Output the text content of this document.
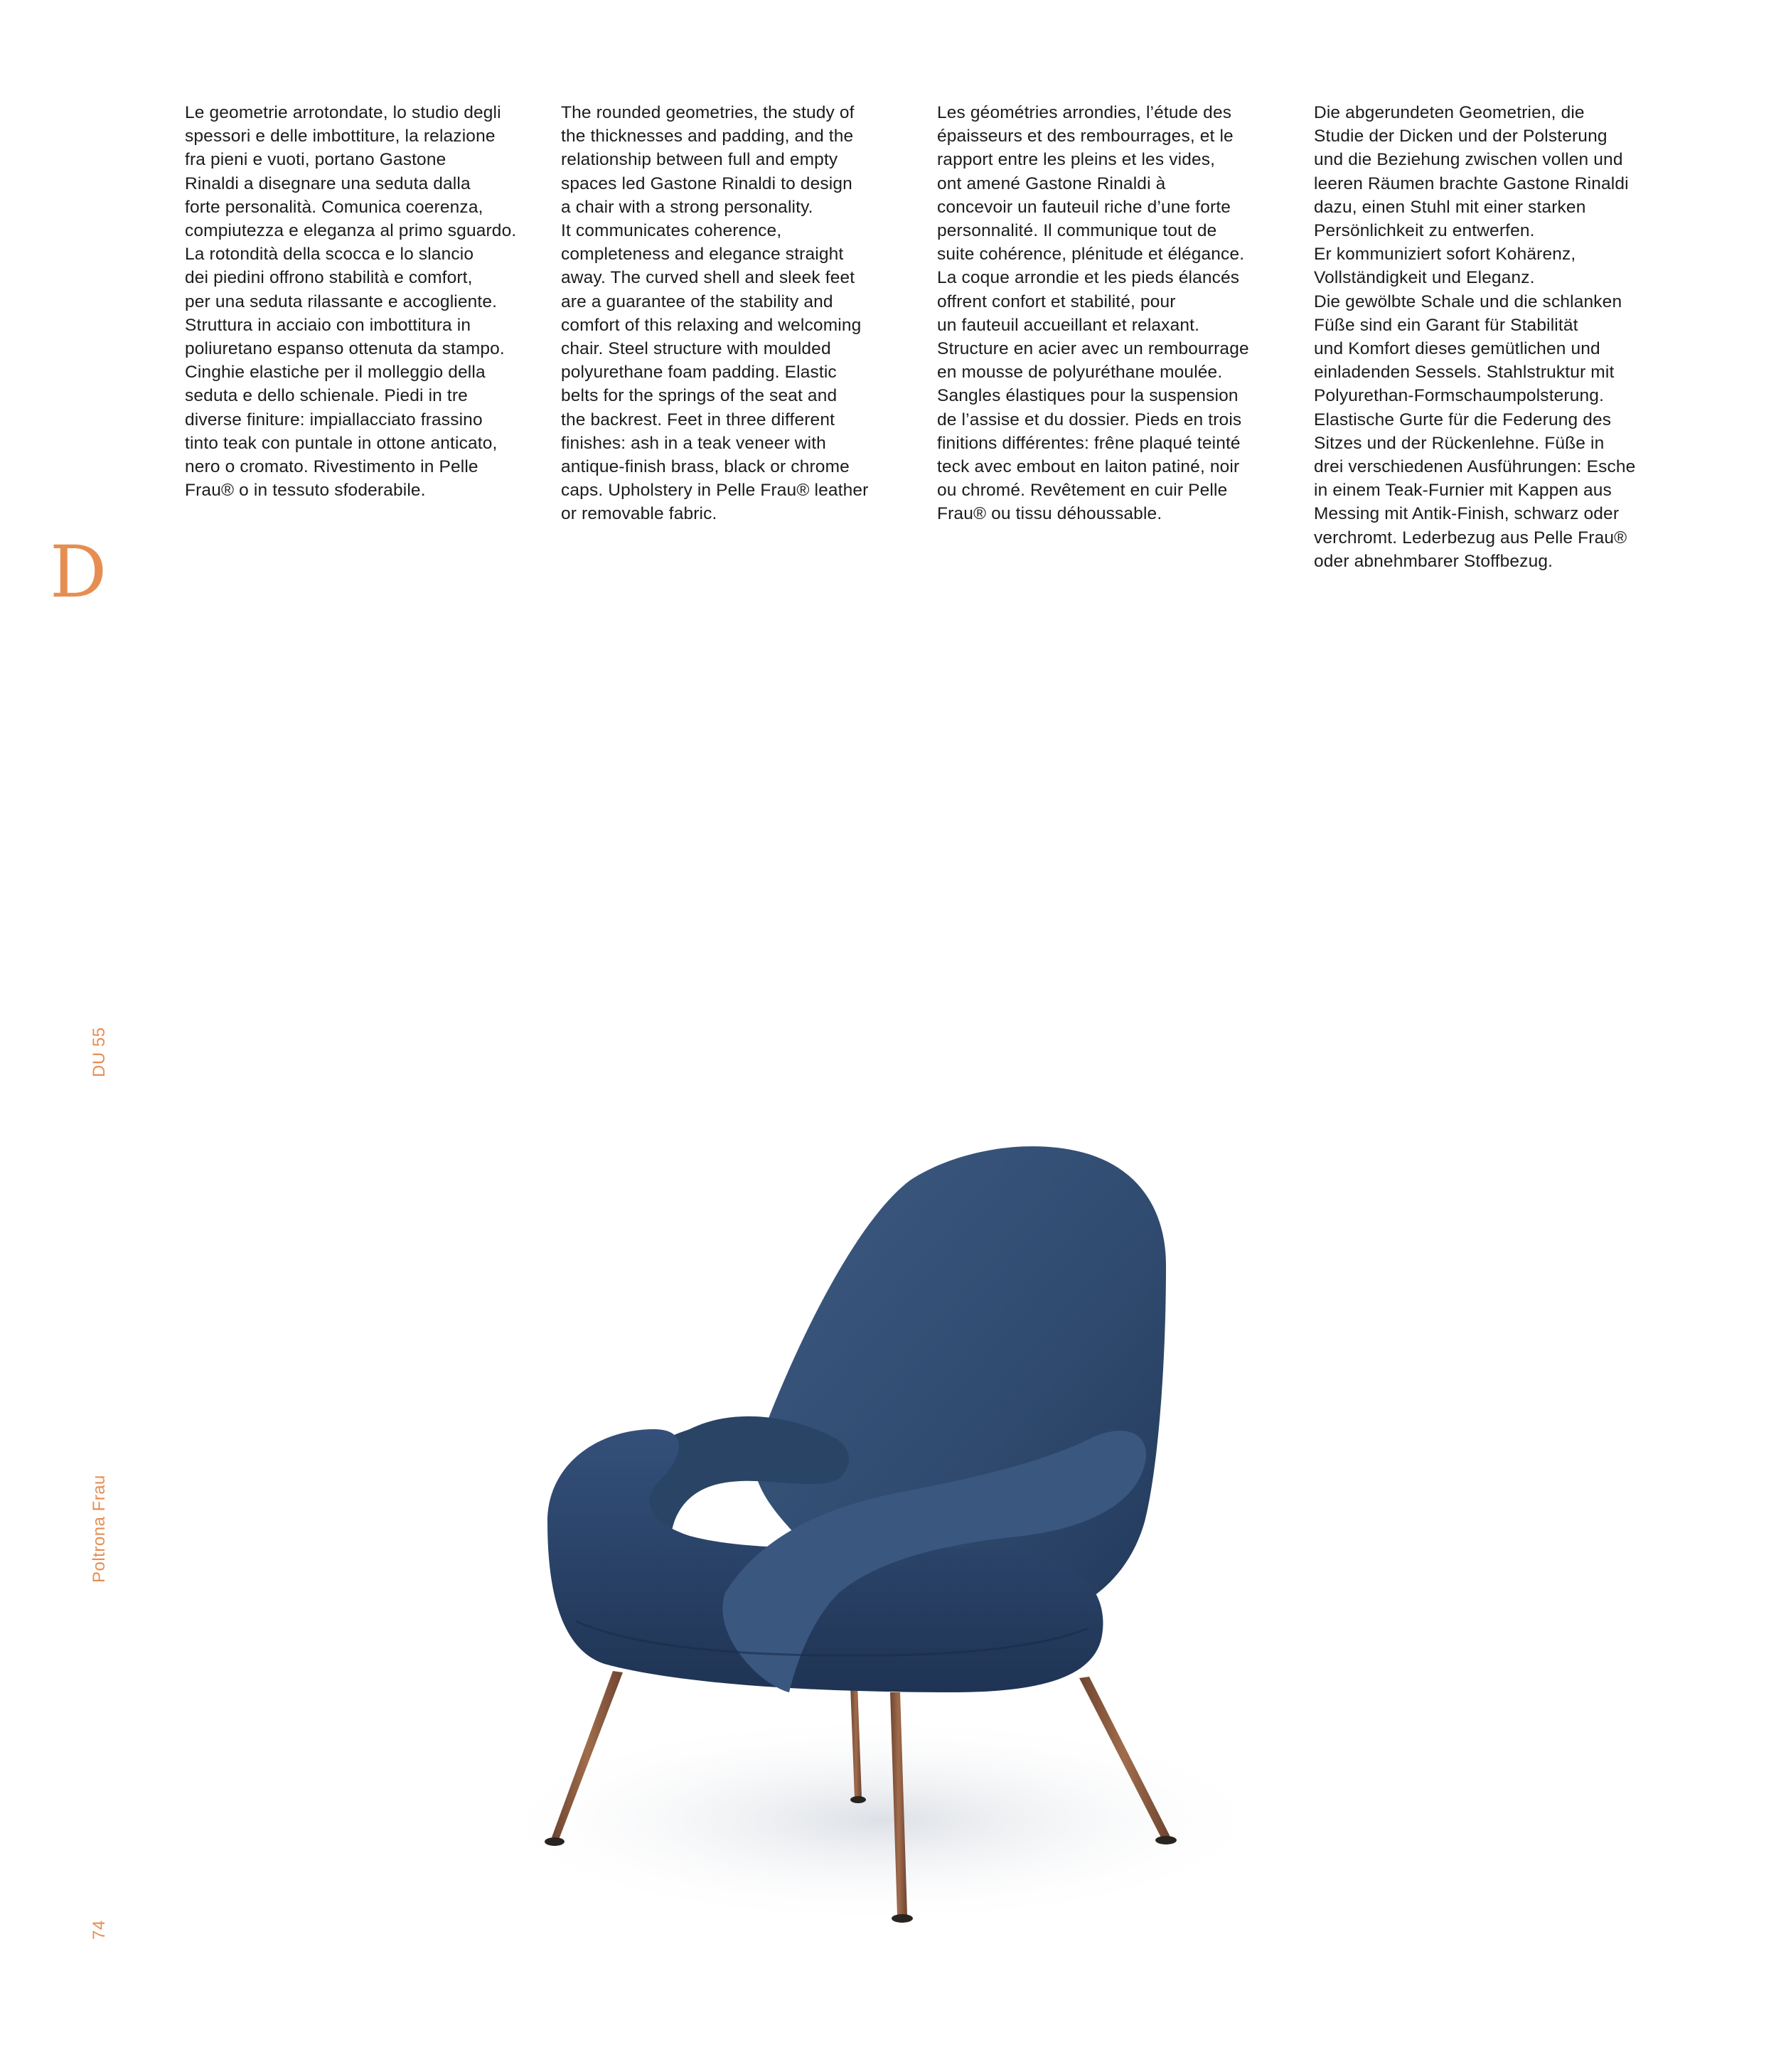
D
Le geometrie arrotondate, lo studio degli
spessori e delle imbottiture, la relazione
fra pieni e vuoti, portano Gastone
Rinaldi a disegnare una seduta dalla
forte personalità. Comunica coerenza,
compiutezza e eleganza al primo sguardo.
La rotondità della scocca e lo slancio
dei piedini offrono stabilità e comfort,
per una seduta rilassante e accogliente.
Struttura in acciaio con imbottitura in
poliuretano espanso ottenuta da stampo.
Cinghie elastiche per il molleggio della
seduta e dello schienale. Piedi in tre
diverse finiture: impiallacciato frassino
tinto teak con puntale in ottone anticato,
nero o cromato. Rivestimento in Pelle
Frau® o in tessuto sfoderabile.
The rounded geometries, the study of
the thicknesses and padding, and the
relationship between full and empty
spaces led Gastone Rinaldi to design
a chair with a strong personality.
It communicates coherence,
completeness and elegance straight
away. The curved shell and sleek feet
are a guarantee of the stability and
comfort of this relaxing and welcoming
chair. Steel structure with moulded
polyurethane foam padding. Elastic
belts for the springs of the seat and
the backrest. Feet in three different
finishes: ash in a teak veneer with
antique-finish brass, black or chrome
caps. Upholstery in Pelle Frau® leather
or removable fabric.
Les géométries arrondies, l’étude des
épaisseurs et des rembourrages, et le
rapport entre les pleins et les vides,
ont amené Gastone Rinaldi à
concevoir un fauteuil riche d’une forte
personnalité. Il communique tout de
suite cohérence, plénitude et élégance.
La coque arrondie et les pieds élancés
offrent confort et stabilité, pour
un fauteuil accueillant et relaxant.
Structure en acier avec un rembourrage
en mousse de polyuréthane moulée.
Sangles élastiques pour la suspension
de l’assise et du dossier. Pieds en trois
finitions différentes: frêne plaqué teinté
teck avec embout en laiton patiné, noir
ou chromé. Revêtement en cuir Pelle
Frau® ou tissu déhoussable.
Die abgerundeten Geometrien, die
Studie der Dicken und der Polsterung
und die Beziehung zwischen vollen und
leeren Räumen brachte Gastone Rinaldi
dazu, einen Stuhl mit einer starken
Persönlichkeit zu entwerfen.
Er kommuniziert sofort Kohärenz,
Vollständigkeit und Eleganz.
Die gewölbte Schale und die schlanken
Füße sind ein Garant für Stabilität
und Komfort dieses gemütlichen und
einladenden Sessels. Stahlstruktur mit
Polyurethan-Formschaumpolsterung.
Elastische Gurte für die Federung des
Sitzes und der Rückenlehne. Füße in
drei verschiedenen Ausführungen: Esche
in einem Teak-Furnier mit Kappen aus
Messing mit Antik-Finish, schwarz oder
verchromt. Lederbezug aus Pelle Frau®
oder abnehmbarer Stoffbezug.
DU 55
Poltrona Frau
74
